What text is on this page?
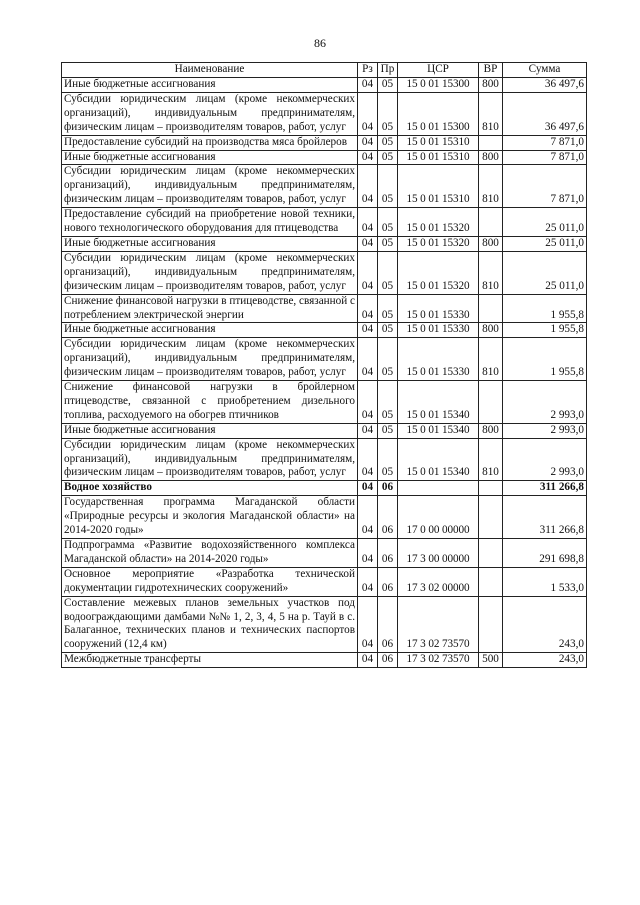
86
Наименование	Рз	Пр	ЦСР	ВР	Сумма
Иные бюджетные ассигнования	04	05	15 0 01 15300	800	36 497,6
Субсидии юридическим лицам (кроме некоммерческих организаций), индивидуальным предпринимателям, физическим лицам – производителям товаров, работ, услуг	04	05	15 0 01 15300	810	36 497,6
Предоставление субсидий на производства мяса бройлеров	04	05	15 0 01 15310		7 871,0
Иные бюджетные ассигнования	04	05	15 0 01 15310	800	7 871,0
Субсидии юридическим лицам (кроме некоммерческих организаций), индивидуальным предпринимателям, физическим лицам – производителям товаров, работ, услуг	04	05	15 0 01 15310	810	7 871,0
Предоставление субсидий на приобретение новой техники, нового технологического оборудования для птицеводства	04	05	15 0 01 15320		25 011,0
Иные бюджетные ассигнования	04	05	15 0 01 15320	800	25 011,0
Субсидии юридическим лицам (кроме некоммерческих организаций), индивидуальным предпринимателям, физическим лицам – производителям товаров, работ, услуг	04	05	15 0 01 15320	810	25 011,0
Снижение финансовой нагрузки в птицеводстве, связанной с потреблением электрической энергии	04	05	15 0 01 15330		1 955,8
Иные бюджетные ассигнования	04	05	15 0 01 15330	800	1 955,8
Субсидии юридическим лицам (кроме некоммерческих организаций), индивидуальным предпринимателям, физическим лицам – производителям товаров, работ, услуг	04	05	15 0 01 15330	810	1 955,8
Снижение финансовой нагрузки в бройлерном птицеводстве, связанной с приобретением дизельного топлива, расходуемого на обогрев птичников	04	05	15 0 01 15340		2 993,0
Иные бюджетные ассигнования	04	05	15 0 01 15340	800	2 993,0
Субсидии юридическим лицам (кроме некоммерческих организаций), индивидуальным предпринимателям, физическим лицам – производителям товаров, работ, услуг	04	05	15 0 01 15340	810	2 993,0
Водное хозяйство	04	06			311 266,8
Государственная программа Магаданской области «Природные ресурсы и экология Магаданской области» на 2014-2020 годы»	04	06	17 0 00 00000		311 266,8
Подпрограмма «Развитие водохозяйственного комплекса Магаданской области» на 2014-2020 годы»	04	06	17 3 00 00000		291 698,8
Основное мероприятие «Разработка технической документации гидротехнических сооружений»	04	06	17 3 02 00000		1 533,0
Составление межевых планов земельных участков под водоограждающими дамбами №№ 1, 2, 3, 4, 5 на р. Тауй в с. Балаганное, технических планов и технических паспортов сооружений (12,4 км)	04	06	17 3 02 73570		243,0
Межбюджетные трансферты	04	06	17 3 02 73570	500	243,0
